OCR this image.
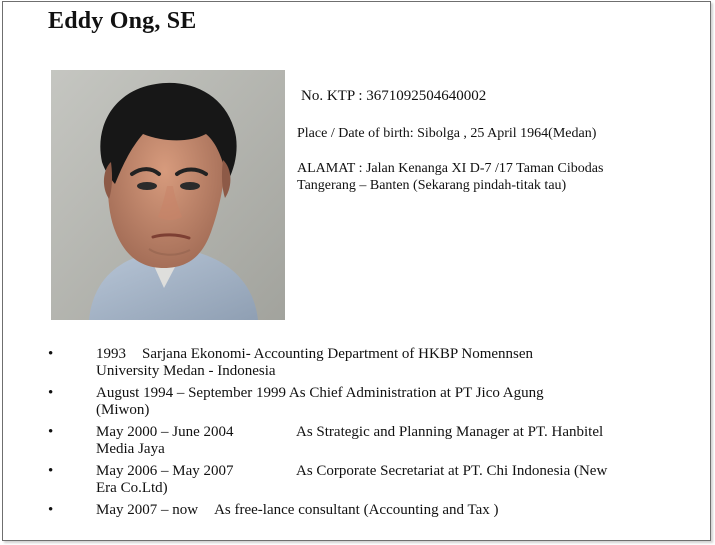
Eddy Ong, SE
No. KTP : 3671092504640002
Place / Date of birth: Sibolga , 25 April 1964(Medan)
ALAMAT : Jalan Kenanga XI D-7 /17 Taman Cibodas
Tangerang – Banten (Sekarang pindah-titak tau)
•	1993 Sarjana Ekonomi- Accounting Department of HKBP Nomennsen
University Medan - Indonesia
•	August 1994 – September 1999 As Chief Administration at PT Jico Agung
(Miwon)
•	May 2000 – June 2004	As Strategic and Planning Manager at PT. Hanbitel
Media Jaya
•	May 2006 – May 2007	As Corporate Secretariat at PT. Chi Indonesia (New
Era Co.Ltd)
•	May 2007 – now As free-lance consultant (Accounting and Tax )
